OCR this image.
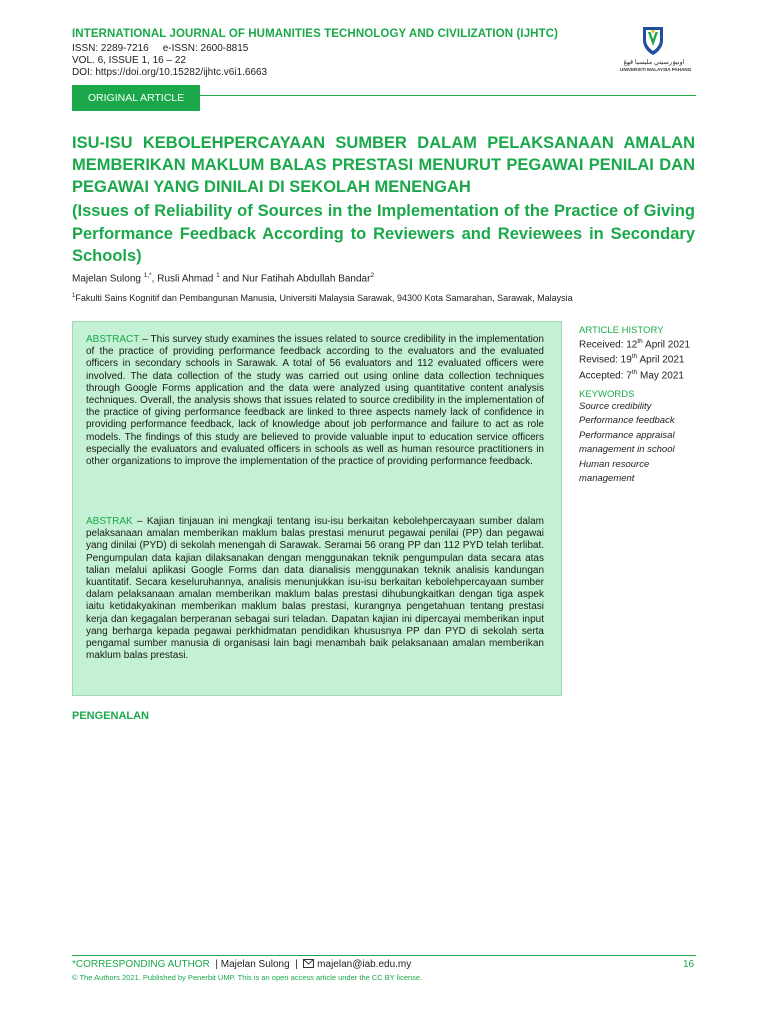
INTERNATIONAL JOURNAL OF HUMANITIES TECHNOLOGY AND CIVILIZATION (IJHTC)
ISSN: 2289-7216 e-ISSN: 2600-8815
VOL. 6, ISSUE 1, 16 – 22
DOI: https://doi.org/10.15282/ijhtc.v6i1.6663
اونيۏرسيتي مليسيا ڤهڠ
UNIVERSITI MALAYSIA PAHANG
ORIGINAL ARTICLE

ISU-ISU KEBOLEHPERCAYAAN SUMBER DALAM PELAKSANAAN AMALAN MEMBERIKAN MAKLUM BALAS PRESTASI MENURUT PEGAWAI PENILAI DAN PEGAWAI YANG DINILAI DI SEKOLAH MENENGAH

(Issues of Reliability of Sources in the Implementation of the Practice of Giving Performance Feedback According to Reviewers and Reviewees in Secondary Schools)

Majelan Sulong $^{1,*}$, Rusli Ahmad $^1$ and Nur Fatihah Abdullah Bandar$^2$
$^1$Fakulti Sains Kognitif dan Pembangunan Manusia, Universiti Malaysia Sarawak, 94300 Kota Samarahan, Sarawak, Malaysia

ABSTRACT – This survey study examines the issues related to source credibility in the implementation of the practice of providing performance feedback according to the evaluators and the evaluated officers in secondary schools in Sarawak. A total of 56 evaluators and 112 evaluated officers were involved. The data collection of the study was carried out using online data collection techniques through Google Forms application and the data were analyzed using quantitative content analysis techniques. Overall, the analysis shows that issues related to source credibility in the implementation of the practice of giving performance feedback are linked to three aspects namely lack of confidence in providing performance feedback, lack of knowledge about job performance and failure to act as role models. The findings of this study are believed to provide valuable input to education service officers especially the evaluators and evaluated officers in schools as well as human resource practitioners in other organizations to improve the implementation of the practice of providing performance feedback.

ABSTRAK – Kajian tinjauan ini mengkaji tentang isu-isu berkaitan kebolehpercayaan sumber dalam pelaksanaan amalan memberikan maklum balas prestasi menurut pegawai penilai (PP) dan pegawai yang dinilai (PYD) di sekolah menengah di Sarawak. Seramai 56 orang PP dan 112 PYD telah terlibat. Pengumpulan data kajian dilaksanakan dengan menggunakan teknik pengumpulan data secara atas talian melalui aplikasi Google Forms dan data dianalisis menggunakan teknik analisis kandungan kuantitatif. Secara keseluruhannya, analisis menunjukkan isu-isu berkaitan kebolehpercayaan sumber dalam pelaksanaan amalan memberikan maklum balas prestasi dihubungkaitkan dengan tiga aspek iaitu ketidakyakinan memberikan maklum balas prestasi, kurangnya pengetahuan tentang prestasi kerja dan kegagalan berperanan sebagai suri teladan. Dapatan kajian ini dipercayai memberikan input yang berharga kepada pegawai perkhidmatan pendidikan khususnya PP dan PYD di sekolah serta pengamal sumber manusia di organisasi lain bagi menambah baik pelaksanaan amalan memberikan maklum balas prestasi.

ARTICLE HISTORY

Received: 12th April 2021

Revised: 19th April 2021

Accepted: 7th May 2021

KEYWORDS

Source credibility

Performance feedback

Performance appraisal

management in school

Human resource

management

PENGENALAN
*CORRESPONDING AUTHOR  | Majelan Sulong  |   majelan@iab.edu.my	16
© The Authors 2021. Published by Penerbit UMP. This is an open access article under the CC BY license.
